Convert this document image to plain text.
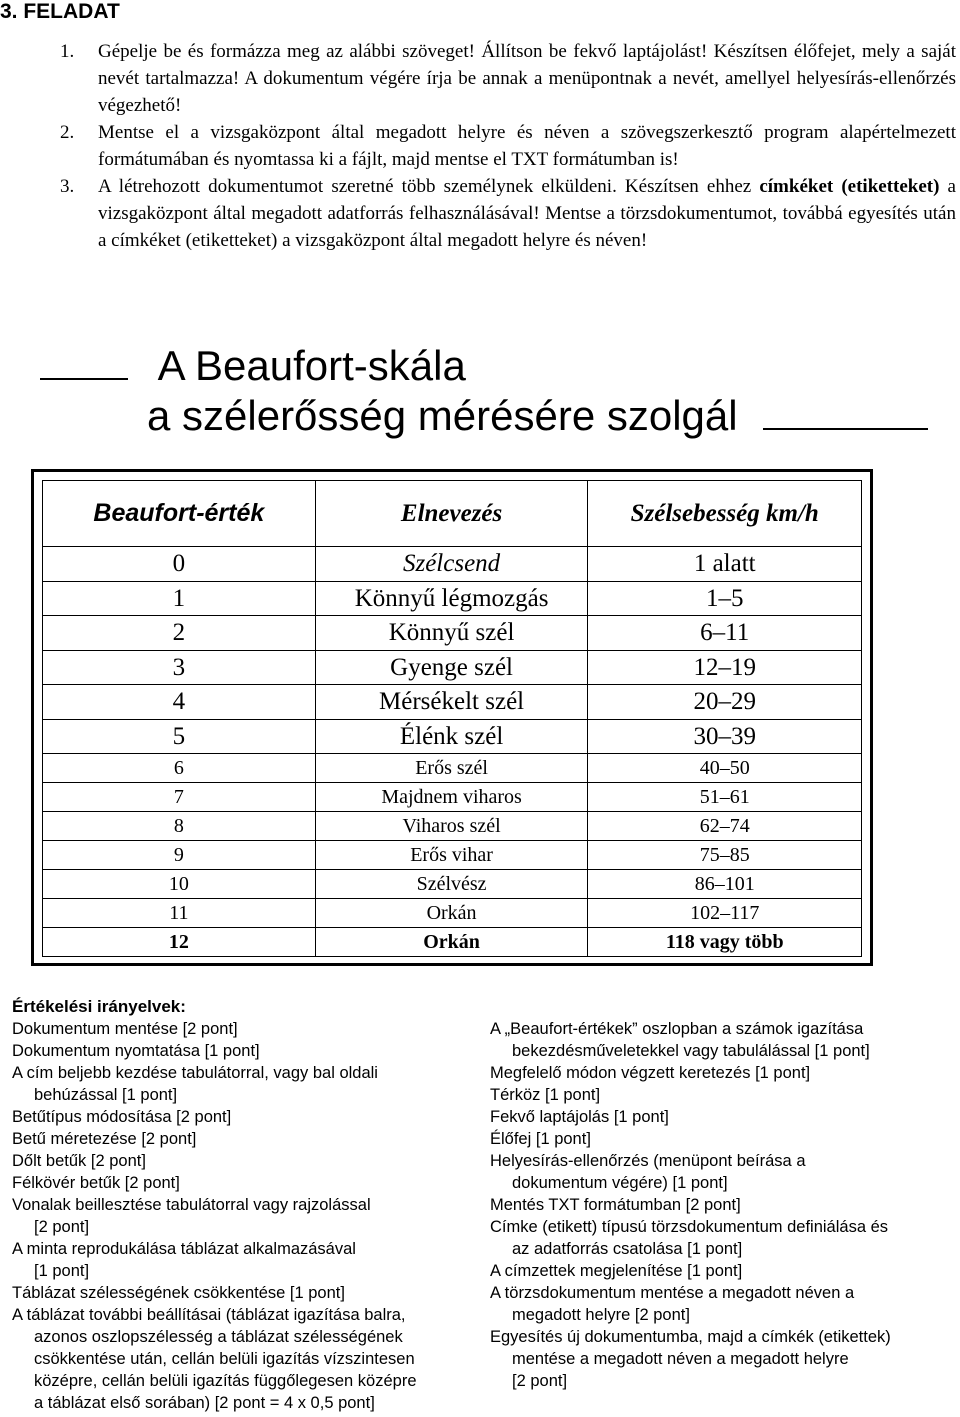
3. FELADAT
1. Gépelje be és formázza meg az alábbi szöveget! Állítson be fekvő laptájolást! Készítsen élőfejet, mely a saját nevét tartalmazza! A dokumentum végére írja be annak a menüpontnak a nevét, amellyel helyesírás-ellenőrzés végezhető!
2. Mentse el a vizsgaközpont által megadott helyre és néven a szövegszerkesztő program alapértelmezett formátumában és nyomtassa ki a fájlt, majd mentse el TXT formátumban is!
3. A létrehozott dokumentumot szeretné több személynek elküldeni. Készítsen ehhez címkéket (etiketteket) a vizsgaközpont által megadott adatforrás felhasználásával! Mentse a törzsdokumentumot, továbbá egyesítés után a címkéket (etiketteket) a vizsgaközpont által megadott helyre és néven!
A Beaufort-skála
a szélerősség mérésére szolgál
Beaufort-érték	Elnevezés	Szélsebesség km/h
0	Szélcsend	1 alatt
1	Könnyű légmozgás	1–5
2	Könnyű szél	6–11
3	Gyenge szél	12–19
4	Mérsékelt szél	20–29
5	Élénk szél	30–39
6	Erős szél	40–50
7	Majdnem viharos	51–61
8	Viharos szél	62–74
9	Erős vihar	75–85
10	Szélvész	86–101
11	Orkán	102–117
12	Orkán	118 vagy több
Értékelési irányelvek:
Dokumentum mentése [2 pont]
Dokumentum nyomtatása [1 pont]
A cím beljebb kezdése tabulátorral, vagy bal oldali
behúzással [1 pont]
Betűtípus módosítása [2 pont]
Betű méretezése [2 pont]
Dőlt betűk [2 pont]
Félkövér betűk [2 pont]
Vonalak beillesztése tabulátorral vagy rajzolással
[2 pont]
A minta reprodukálása táblázat alkalmazásával
[1 pont]
Táblázat szélességének csökkentése [1 pont]
A táblázat további beállításai (táblázat igazítása balra,
azonos oszlopszélesség a táblázat szélességének
csökkentése után, cellán belüli igazítás vízszintesen
középre, cellán belüli igazítás függőlegesen középre
a táblázat első sorában) [2 pont = 4 x 0,5 pont]
A „Beaufort-értékek” oszlopban a számok igazítása
bekezdésműveletekkel vagy tabulálással [1 pont]
Megfelelő módon végzett keretezés [1 pont]
Térköz [1 pont]
Fekvő laptájolás [1 pont]
Élőfej [1 pont]
Helyesírás-ellenőrzés (menüpont beírása a
dokumentum végére) [1 pont]
Mentés TXT formátumban [2 pont]
Címke (etikett) típusú törzsdokumentum definiálása és
az adatforrás csatolása [1 pont]
A címzettek megjelenítése [1 pont]
A törzsdokumentum mentése a megadott néven a
megadott helyre [2 pont]
Egyesítés új dokumentumba, majd a címkék (etikettek)
mentése a megadott néven a megadott helyre
[2 pont]
